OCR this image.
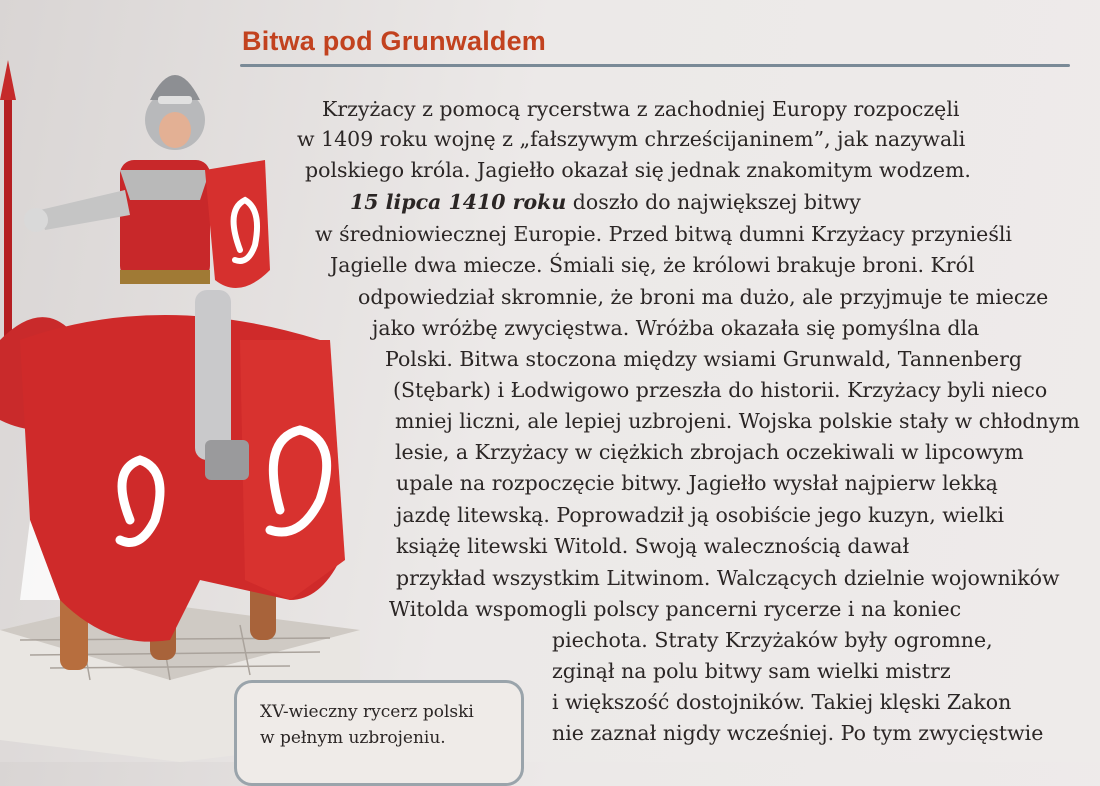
Bitwa pod Grunwaldem
Krzyżacy z pomocą rycerstwa z zachodniej Europy rozpoczęli
w 1409 roku wojnę z „fałszywym chrześcijaninem”, jak nazywali
polskiego króla. Jagiełło okazał się jednak znakomitym wodzem.
15 lipca 1410 roku doszło do największej bitwy
w średniowiecznej Europie. Przed bitwą dumni Krzyżacy przynieśli
Jagielle dwa miecze. Śmiali się, że królowi brakuje broni. Król
odpowiedział skromnie, że broni ma dużo, ale przyjmuje te miecze
jako wróżbę zwycięstwa. Wróżba okazała się pomyślna dla
Polski. Bitwa stoczona między wsiami Grunwald, Tannenberg
(Stębark) i Łodwigowo przeszła do historii. Krzyżacy byli nieco
mniej liczni, ale lepiej uzbrojeni. Wojska polskie stały w chłodnym
lesie, a Krzyżacy w ciężkich zbrojach oczekiwali w lipcowym
upale na rozpoczęcie bitwy. Jagiełło wysłał najpierw lekką
jazdę litewską. Poprowadził ją osobiście jego kuzyn, wielki
książę litewski Witold. Swoją walecznością dawał
przykład wszystkim Litwinom. Walczących dzielnie wojowników
Witolda wspomogli polscy pancerni rycerze i na koniec
piechota. Straty Krzyżaków były ogromne,
zginął na polu bitwy sam wielki mistrz
i większość dostojników. Takiej klęski Zakon
nie zaznał nigdy wcześniej. Po tym zwycięstwie
XV-wieczny rycerz polski
w pełnym uzbrojeniu.
